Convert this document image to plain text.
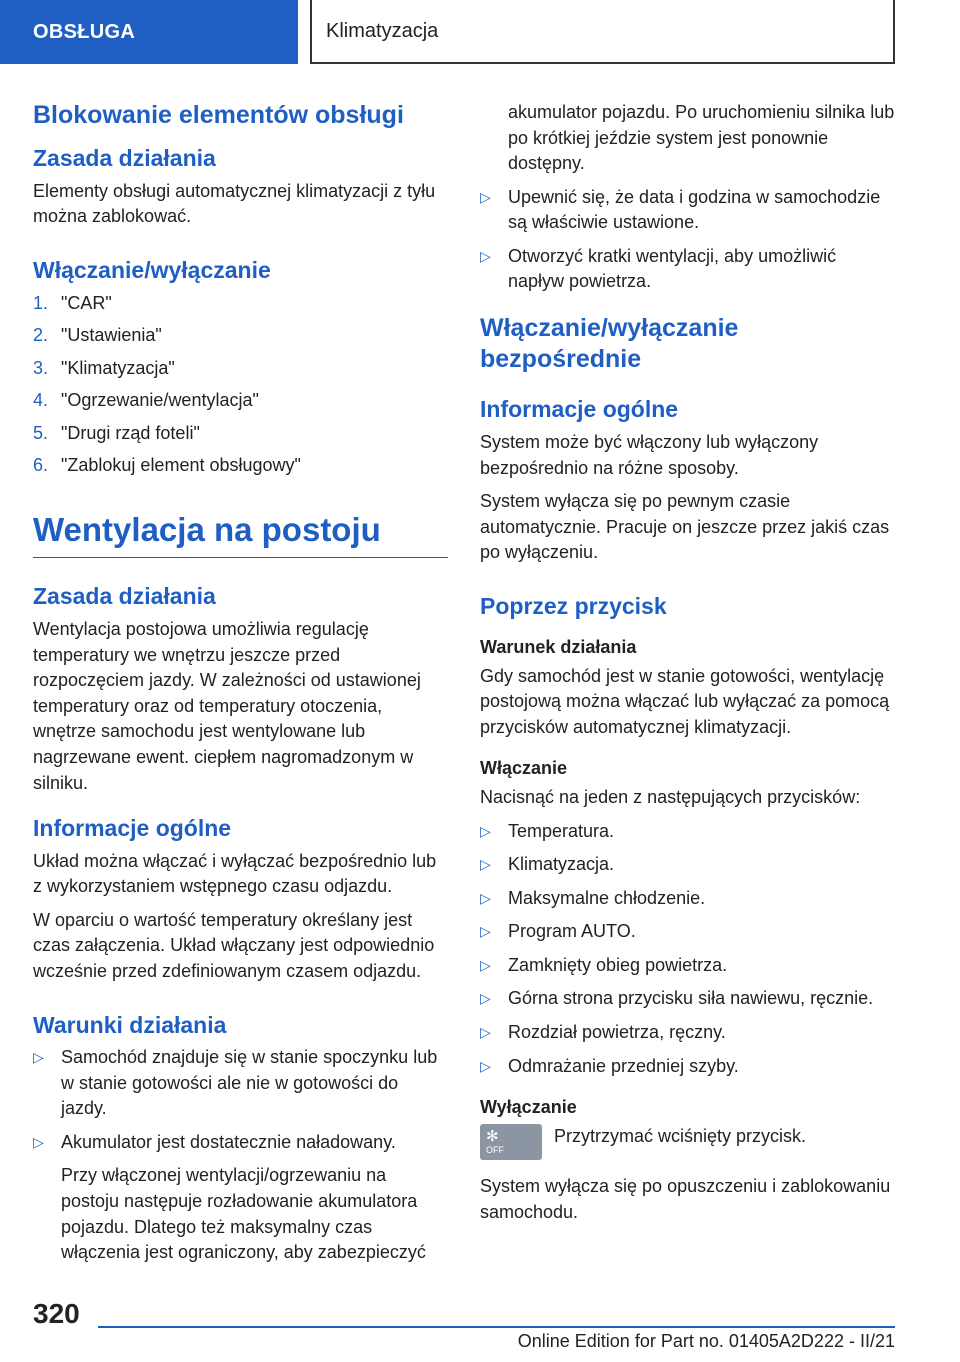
OBSŁUGA	Klimatyzacja
Blokowanie elementów obsługi
Zasada działania

Elementy obsługi automatycznej klimatyzacji z tyłu można zablokować.

Włączanie/wyłączanie
1. "CAR"
2. "Ustawienia"
3. "Klimatyzacja"
4. "Ogrzewanie/wentylacja"
5. "Drugi rząd foteli"
6. "Zablokuj element obsługowy"
Wentylacja na postoju
Zasada działania

Wentylacja postojowa umożliwia regulację temperatury we wnętrzu jeszcze przed rozpoczęciem jazdy. W zależności od ustawionej temperatury oraz od temperatury otoczenia, wnętrze samochodu jest wentylowane lub nagrzewane ewent. ciepłem nagromadzonym w silniku.

Informacje ogólne

Układ można włączać i wyłączać bezpośrednio lub z wykorzystaniem wstępnego czasu odjazdu.

W oparciu o wartość temperatury określany jest czas załączenia. Układ włączany jest odpowiednio wcześnie przed zdefiniowanym czasem odjazdu.

Warunki działania
▷ Samochód znajduje się w stanie spoczynku lub w stanie gotowości ale nie w gotowości do jazdy.
▷ Akumulator jest dostatecznie naładowany.

Przy włączonej wentylacji/ogrzewaniu na postoju następuje rozładowanie akumulatora pojazdu. Dlatego też maksymalny czas włączenia jest ograniczony, aby zabezpieczyć

akumulator pojazdu. Po uruchomieniu silnika lub po krótkiej jeździe system jest ponownie dostępny.

▷ Upewnić się, że data i godzina w samochodzie są właściwie ustawione.
▷ Otworzyć kratki wentylacji, aby umożliwić napływ powietrza.
Włączanie/wyłączanie bezpośrednie
Informacje ogólne

System może być włączony lub wyłączony bezpośrednio na różne sposoby.

System wyłącza się po pewnym czasie automatycznie. Pracuje on jeszcze przez jakiś czas po wyłączeniu.

Poprzez przycisk
Warunek działania

Gdy samochód jest w stanie gotowości, wentylację postojową można włączać lub wyłączać za pomocą przycisków automatycznej klimatyzacji.

Włączanie

Nacisnąć na jeden z następujących przycisków:

▷ Temperatura.
▷ Klimatyzacja.
▷ Maksymalne chłodzenie.
▷ Program AUTO.
▷ Zamknięty obieg powietrza.
▷ Górna strona przycisku siła nawiewu, ręcznie.
▷ Rozdział powietrza, ręczny.
▷ Odmrażanie przedniej szyby.
Wyłączanie
✻
OFF

Przytrzymać wciśnięty przycisk.

System wyłącza się po opuszczeniu i zablokowaniu samochodu.

320
Online Edition for Part no. 01405A2D222 - II/21
